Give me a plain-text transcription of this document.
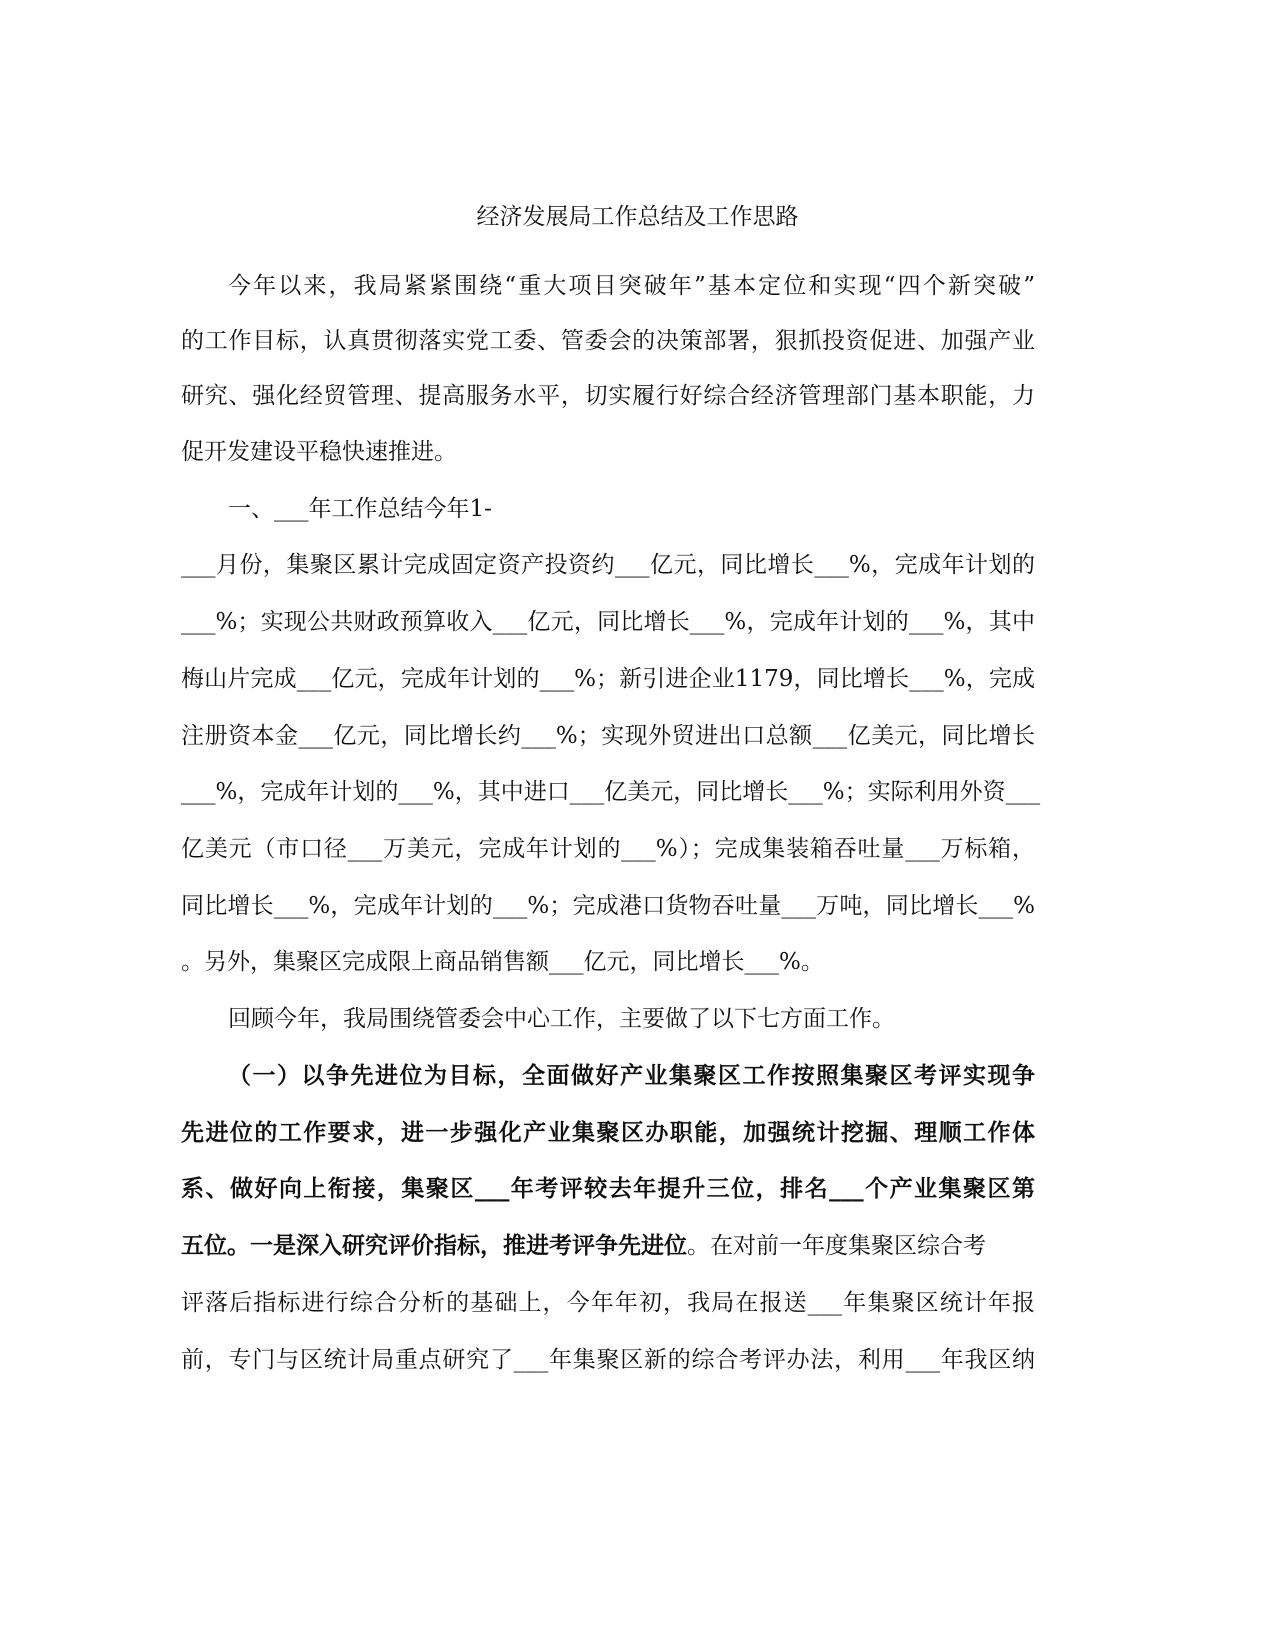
经济发展局工作总结及工作思路

今年以来，我局紧紧围绕“重大项目突破年”基本定位和实现“四个新突破”

的工作目标，认真贯彻落实党工委、管委会的决策部署，狠抓投资促进、加强产业

研究、强化经贸管理、提高服务水平，切实履行好综合经济管理部门基本职能，力

促开发建设平稳快速推进。

一、___年工作总结今年1-

___月份，集聚区累计完成固定资产投资约___亿元，同比增长___%，完成年计划的

___%；实现公共财政预算收入___亿元，同比增长___%，完成年计划的___%，其中

梅山片完成___亿元，完成年计划的___%；新引进企业1179，同比增长___%，完成

注册资本金___亿元，同比增长约___%；实现外贸进出口总额___亿美元，同比增长

___%，完成年计划的___%，其中进口___亿美元，同比增长___%；实际利用外资___

亿美元（市口径___万美元，完成年计划的___%）；完成集装箱吞吐量___万标箱，

同比增长___%，完成年计划的___%；完成港口货物吞吐量___万吨，同比增长___%

。另外，集聚区完成限上商品销售额___亿元，同比增长___%。

回顾今年，我局围绕管委会中心工作，主要做了以下七方面工作。

（一）以争先进位为目标，全面做好产业集聚区工作按照集聚区考评实现争

先进位的工作要求，进一步强化产业集聚区办职能，加强统计挖掘、理顺工作体

系、做好向上衔接，集聚区___年考评较去年提升三位，排名___个产业集聚区第

五位。一是深入研究评价指标，推进考评争先进位。在对前一年度集聚区综合考

评落后指标进行综合分析的基础上，今年年初，我局在报送___年集聚区统计年报

前，专门与区统计局重点研究了___年集聚区新的综合考评办法，利用___年我区纳
